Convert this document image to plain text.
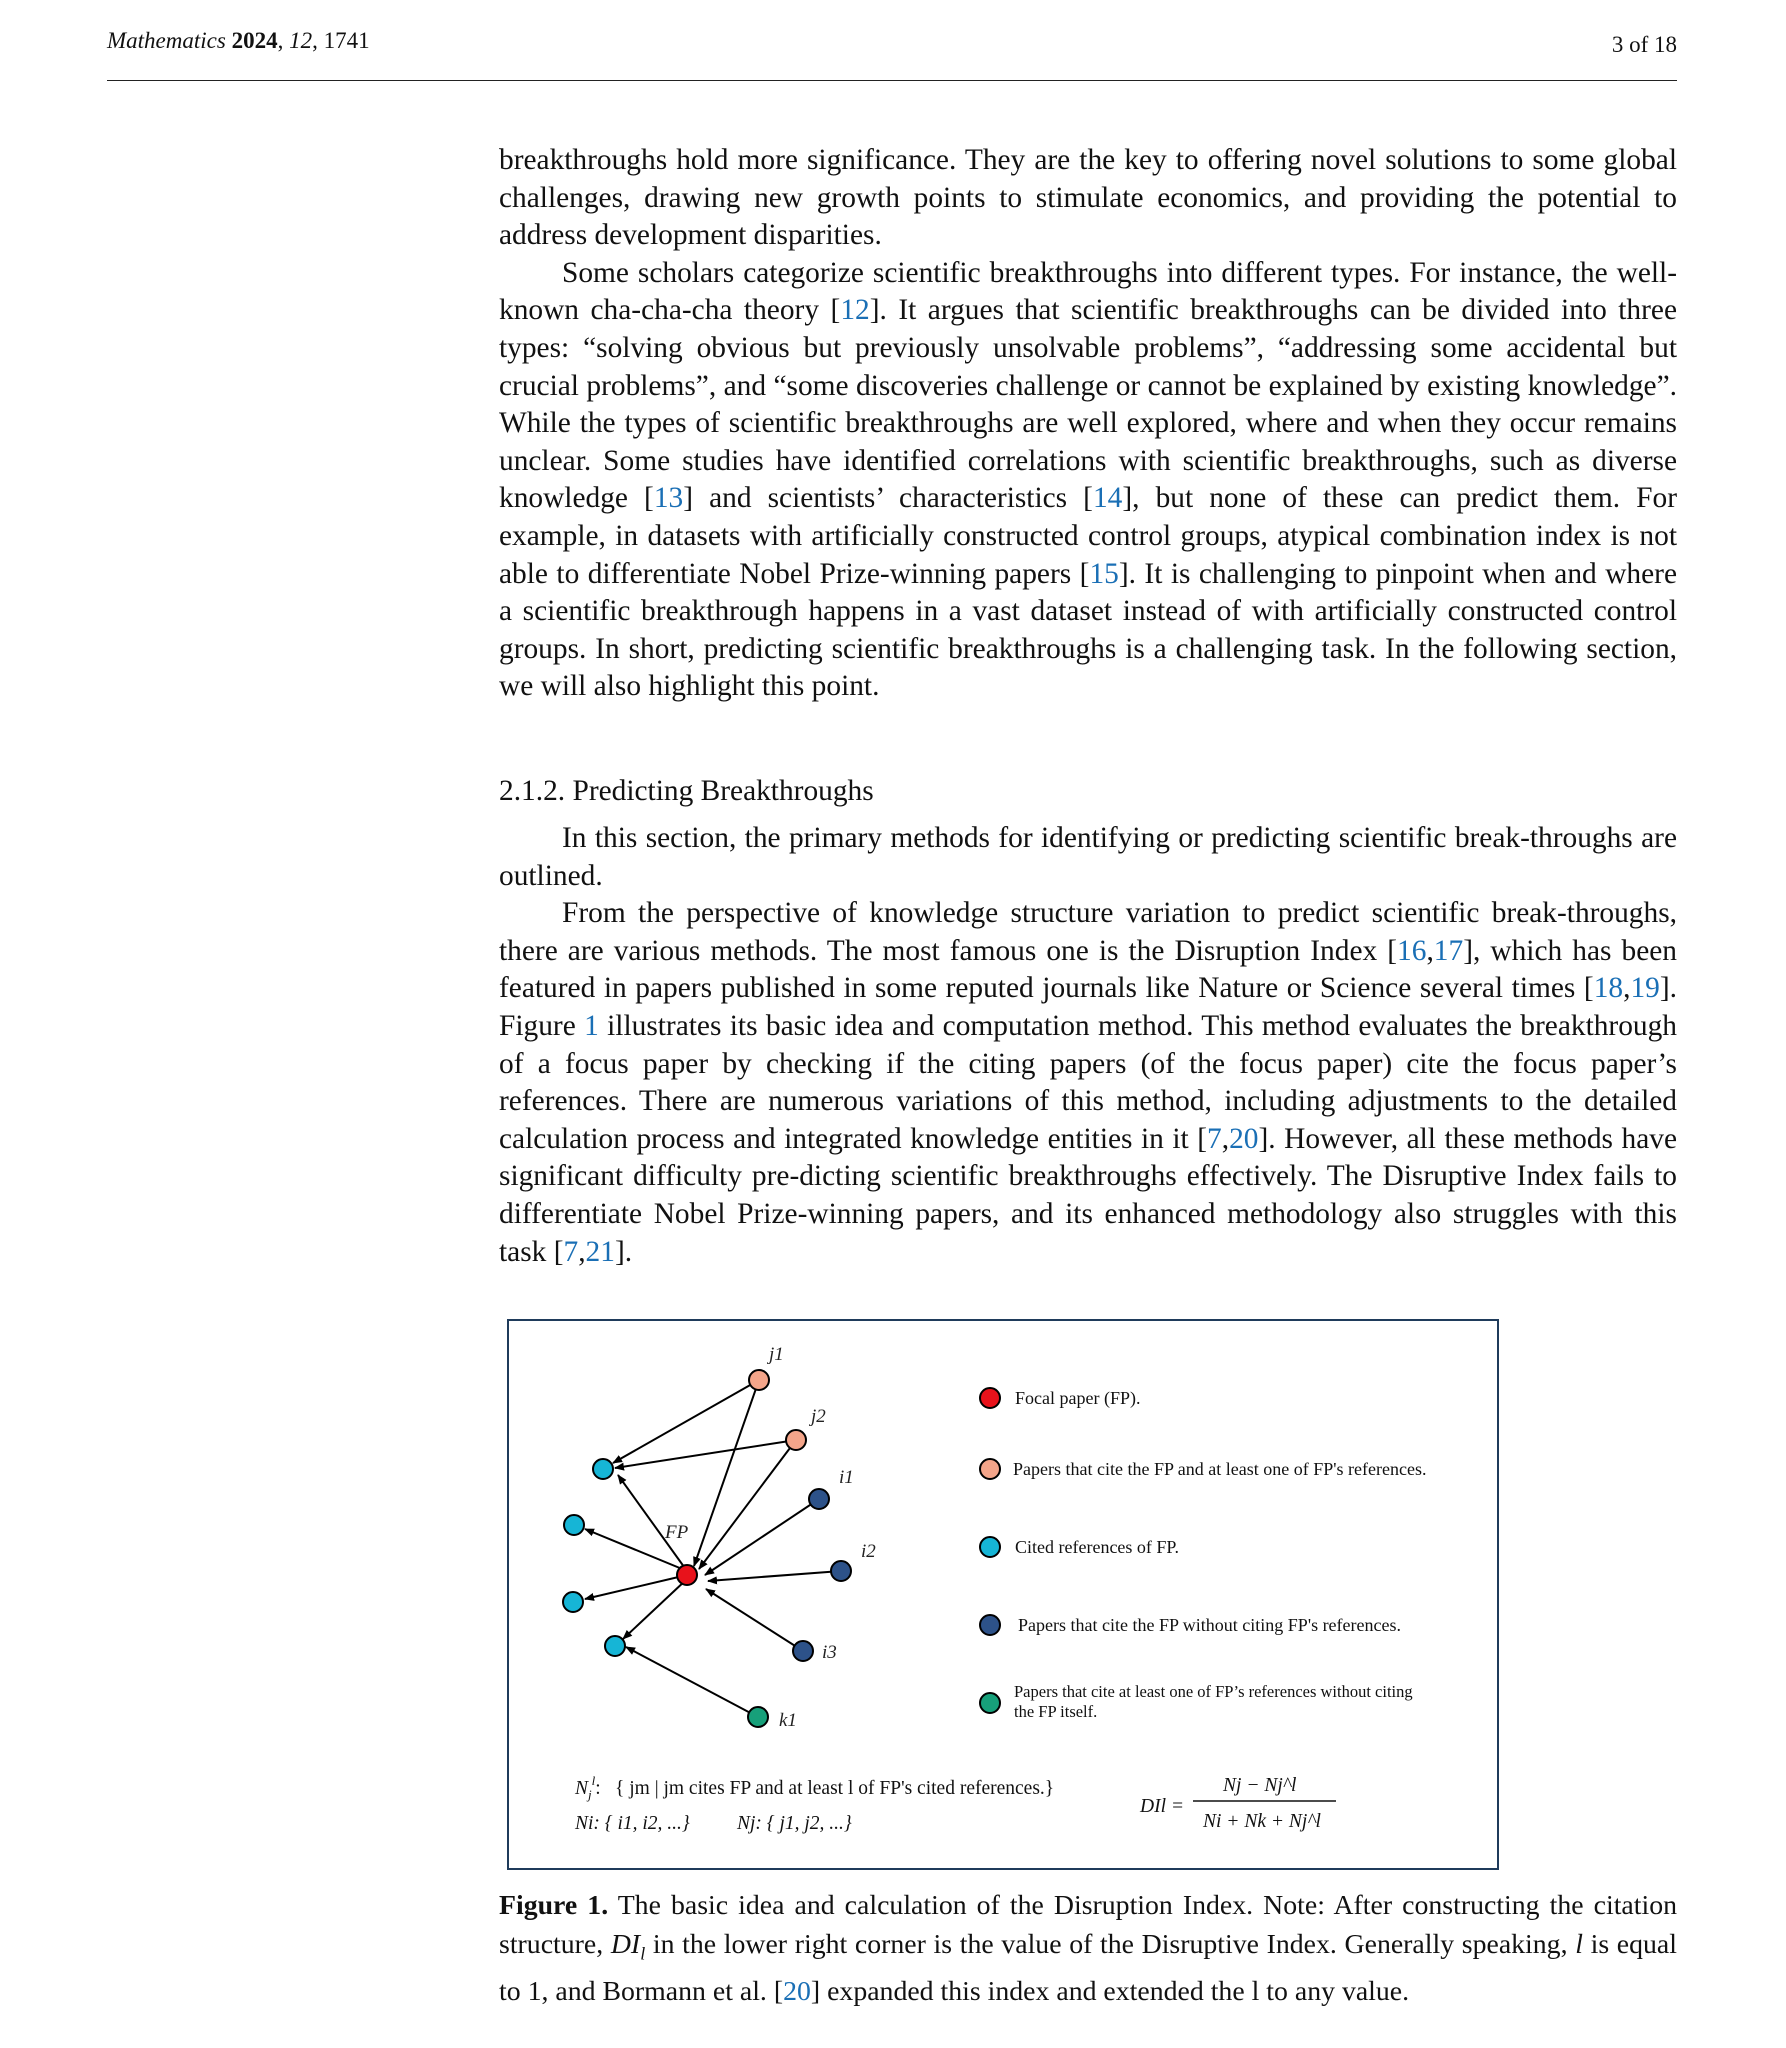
Mathematics 2024, 12, 1741	3 of 18

breakthroughs hold more significance. They are the key to offering novel solutions to some global challenges, drawing new growth points to stimulate economics, and providing the potential to address development disparities.

Some scholars categorize scientific breakthroughs into different types. For instance, the well-known cha-cha-cha theory [12]. It argues that scientific breakthroughs can be divided into three types: “solving obvious but previously unsolvable problems”, “addressing some accidental but crucial problems”, and “some discoveries challenge or cannot be explained by existing knowledge”. While the types of scientific breakthroughs are well explored, where and when they occur remains unclear. Some studies have identified correlations with scientific breakthroughs, such as diverse knowledge [13] and scientists’ characteristics [14], but none of these can predict them. For example, in datasets with artificially constructed control groups, atypical combination index is not able to differentiate Nobel Prize-winning papers [15]. It is challenging to pinpoint when and where a scientific breakthrough happens in a vast dataset instead of with artificially constructed control groups. In short, predicting scientific breakthroughs is a challenging task. In the following section, we will also highlight this point.

2.1.2. Predicting Breakthroughs

In this section, the primary methods for identifying or predicting scientific break-throughs are outlined.

From the perspective of knowledge structure variation to predict scientific break-throughs, there are various methods. The most famous one is the Disruption Index [16,17], which has been featured in papers published in some reputed journals like Nature or Science several times [18,19]. Figure 1 illustrates its basic idea and computation method. This method evaluates the breakthrough of a focus paper by checking if the citing papers (of the focus paper) cite the focus paper’s references. There are numerous variations of this method, including adjustments to the detailed calculation process and integrated knowledge entities in it [7,20]. However, all these methods have significant difficulty pre-dicting scientific breakthroughs effectively. The Disruptive Index fails to differentiate Nobel Prize-winning papers, and its enhanced methodology also struggles with this task [7,21].

j1
j2
i1
i2
i3
k1
FP
Focal paper (FP).
Papers that cite the FP and at least one of FP's references.
Cited references of FP.
Papers that cite the FP without citing FP's references.
Papers that cite at least one of FP’s references without citing
the FP itself.
$N_j^l$: { jm | jm cites FP and at least l of FP's cited references.}
Ni: { i1, i2, ...} Nj: { j1, j2, ...}
DIl =
Nj − Nj^l
Ni + Nk + Nj^l

Figure 1. The basic idea and calculation of the Disruption Index. Note: After constructing the citation structure, $DI_l$ in the lower right corner is the value of the Disruptive Index. Generally speaking, l is equal to 1, and Bormann et al. [20] expanded this index and extended the l to any value.
